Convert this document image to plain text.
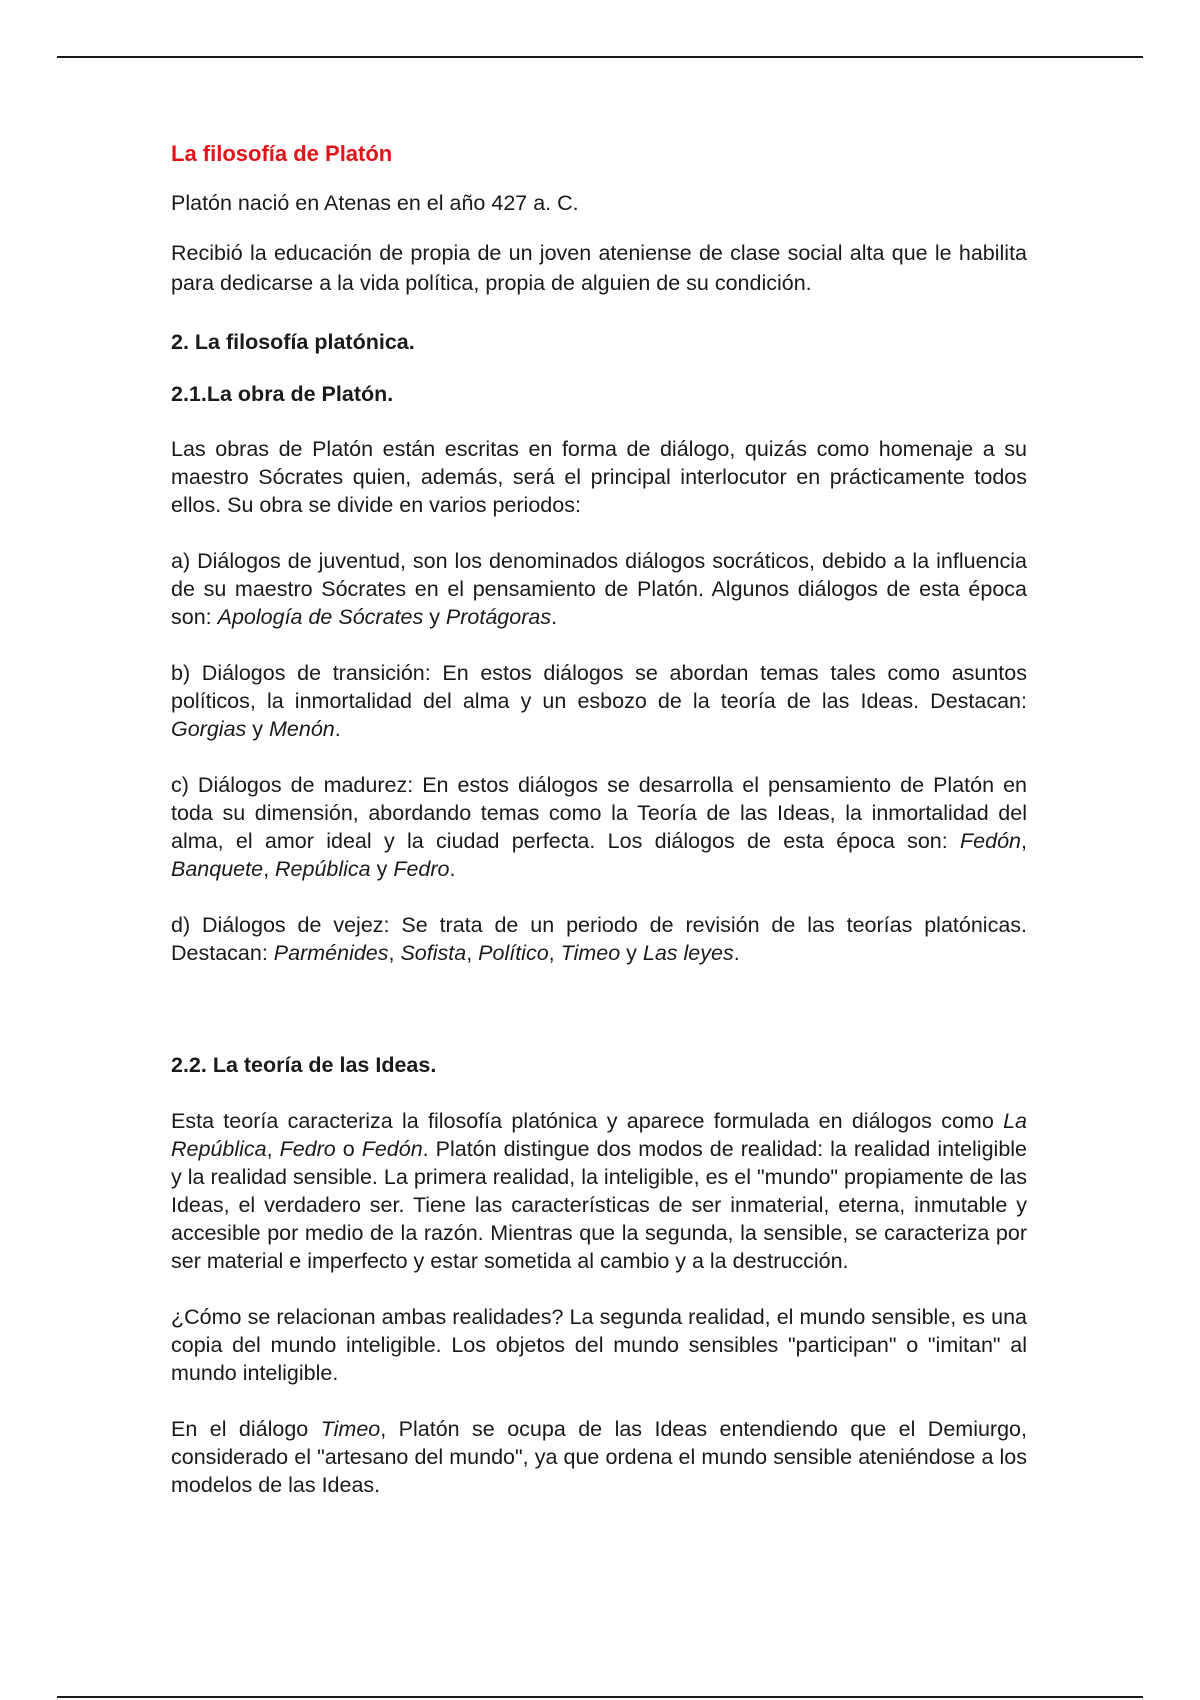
La filosofía de Platón

Platón nació en Atenas en el año 427 a. C.

Recibió la educación de propia de un joven ateniense de clase social alta que le habilita para dedicarse a la vida política, propia de alguien de su condición.

2. La filosofía platónica.

2.1.La obra de Platón.

Las obras de Platón están escritas en forma de diálogo, quizás como homenaje a su maestro Sócrates quien, además, será el principal interlocutor en prácticamente todos ellos. Su obra se divide en varios periodos:

a) Diálogos de juventud, son los denominados diálogos socráticos, debido a la influencia de su maestro Sócrates en el pensamiento de Platón. Algunos diálogos de esta época son: Apología de Sócrates y Protágoras.

b) Diálogos de transición: En estos diálogos se abordan temas tales como asuntos políticos, la inmortalidad del alma y un esbozo de la teoría de las Ideas. Destacan: Gorgias y Menón.

c) Diálogos de madurez: En estos diálogos se desarrolla el pensamiento de Platón en toda su dimensión, abordando temas como la Teoría de las Ideas, la inmortalidad del alma, el amor ideal y la ciudad perfecta. Los diálogos de esta época son: Fedón, Banquete, República y Fedro.

d) Diálogos de vejez: Se trata de un periodo de revisión de las teorías platónicas. Destacan: Parménides, Sofista, Político, Timeo y Las leyes.

2.2. La teoría de las Ideas.

Esta teoría caracteriza la filosofía platónica y aparece formulada en diálogos como La República, Fedro o Fedón. Platón distingue dos modos de realidad: la realidad inteligible y la realidad sensible. La primera realidad, la inteligible, es el "mundo" propiamente de las Ideas, el verdadero ser. Tiene las características de ser inmaterial, eterna, inmutable y accesible por medio de la razón. Mientras que la segunda, la sensible, se caracteriza por ser material e imperfecto y estar sometida al cambio y a la destrucción.

¿Cómo se relacionan ambas realidades? La segunda realidad, el mundo sensible, es una copia del mundo inteligible. Los objetos del mundo sensibles "participan" o "imitan" al mundo inteligible.

En el diálogo Timeo, Platón se ocupa de las Ideas entendiendo que el Demiurgo, considerado el "artesano del mundo", ya que ordena el mundo sensible ateniéndose a los modelos de las Ideas.
